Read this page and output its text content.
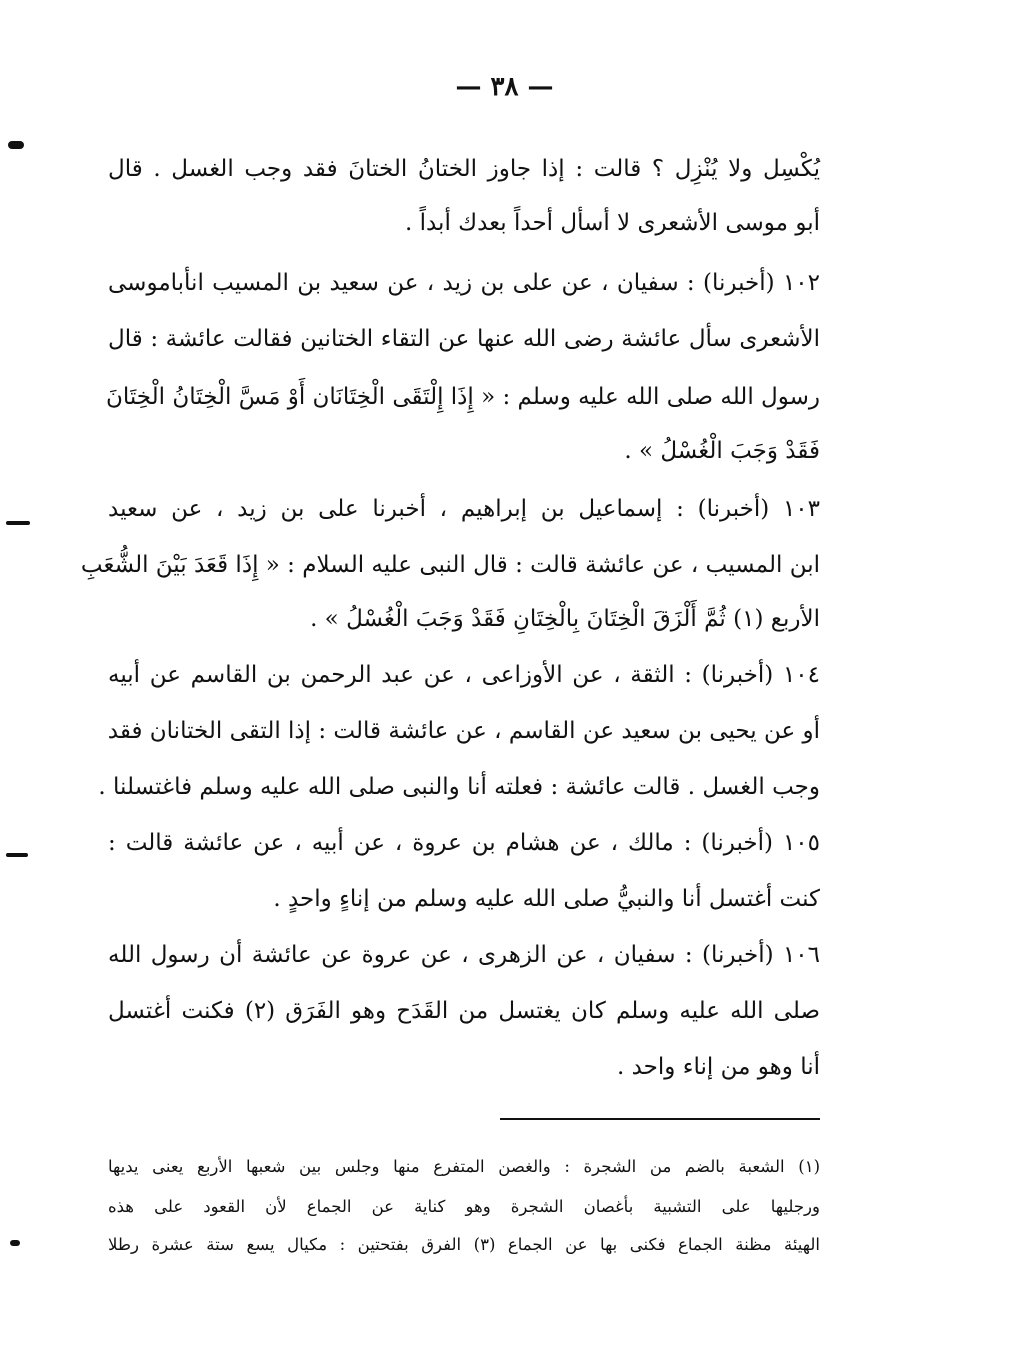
— ٣٨ —
يُكْسِل ولا يُنْزِل ؟ قالت : إذا جاوز الختانُ الختانَ فقد وجب الغسل . قال
أبو موسى الأشعرى لا أسأل أحداً بعدك أبداً .
١٠٢ (أخبرنا) : سفيان ، عن على بن زيد ، عن سعيد بن المسيب انأباموسى
الأشعرى سأل عائشة رضى الله عنها عن التقاء الختانين فقالت عائشة : قال
رسول الله صلى الله عليه وسلم : « إِذَا إِلْتَقَى الْخِتَانَان أَوْ مَسَّ الْخِتَانُ الْخِتَانَ
فَقَدْ وَجَبَ الْغُسْلُ » .
١٠٣ (أخبرنا) : إسماعيل بن إبراهيم ، أخبرنا على بن زيد ، عن سعيد
ابن المسيب ، عن عائشة قالت : قال النبى عليه السلام : « إِذَا قَعَدَ بَيْنَ الشُّعَبِ
الأربع (١) ثُمَّ أَلْزَقَ الْخِتَانَ بِالْخِتَانِ فَقَدْ وَجَبَ الْغُسْلُ » .
١٠٤ (أخبرنا) : الثقة ، عن الأوزاعى ، عن عبد الرحمن بن القاسم عن أبيه
أو عن يحيى بن سعيد عن القاسم ، عن عائشة قالت : إذا التقى الختانان فقد
وجب الغسل . قالت عائشة : فعلته أنا والنبى صلى الله عليه وسلم فاغتسلنا .
١٠٥ (أخبرنا) : مالك ، عن هشام بن عروة ، عن أبيه ، عن عائشة قالت :
كنت أغتسل أنا والنبيُّ صلى الله عليه وسلم من إناءٍ واحدٍ .
١٠٦ (أخبرنا) : سفيان ، عن الزهرى ، عن عروة عن عائشة أن رسول الله
صلى الله عليه وسلم كان يغتسل من القَدَح وهو الفَرَق (٢) فكنت أغتسل
أنا وهو من إناء واحد .
(١) الشعبة بالضم من الشجرة : والغصن المتفرع منها وجلس بين شعبها الأربع يعنى يديها
ورجليها على التشبية بأغصان الشجرة وهو كناية عن الجماع لأن القعود على هذه
الهيئة مظنة الجماع فكنى بها عن الجماع (٣) الفرق بفتحتين : مكيال يسع ستة عشرة رطلا
